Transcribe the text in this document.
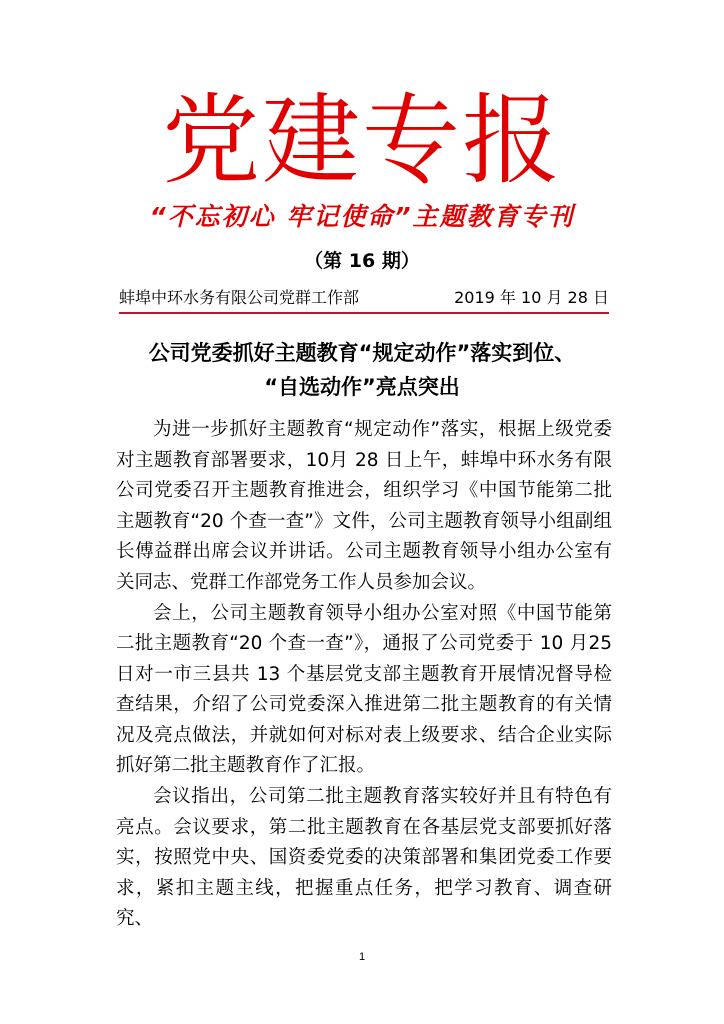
党建专报
“不忘初心 牢记使命”主题教育专刊
（第 16 期）
蚌埠中环水务有限公司党群工作部	2019 年 10 月 28 日
公司党委抓好主题教育“规定动作”落实到位、
“自选动作”亮点突出

为进一步抓好主题教育“规定动作”落实，根据上级党委对主题教育部署要求，10月 28 日上午，蚌埠中环水务有限公司党委召开主题教育推进会，组织学习《中国节能第二批主题教育“20 个查一查”》文件，公司主题教育领导小组副组长傅益群出席会议并讲话。公司主题教育领导小组办公室有关同志、党群工作部党务工作人员参加会议。

会上，公司主题教育领导小组办公室对照《中国节能第二批主题教育“20 个查一查”》，通报了公司党委于 10 月25 日对一市三县共 13 个基层党支部主题教育开展情况督导检查结果，介绍了公司党委深入推进第二批主题教育的有关情况及亮点做法，并就如何对标对表上级要求、结合企业实际抓好第二批主题教育作了汇报。

会议指出，公司第二批主题教育落实较好并且有特色有亮点。会议要求，第二批主题教育在各基层党支部要抓好落实，按照党中央、国资委党委的决策部署和集团党委工作要求，紧扣主题主线，把握重点任务，把学习教育、调查研究、

1
